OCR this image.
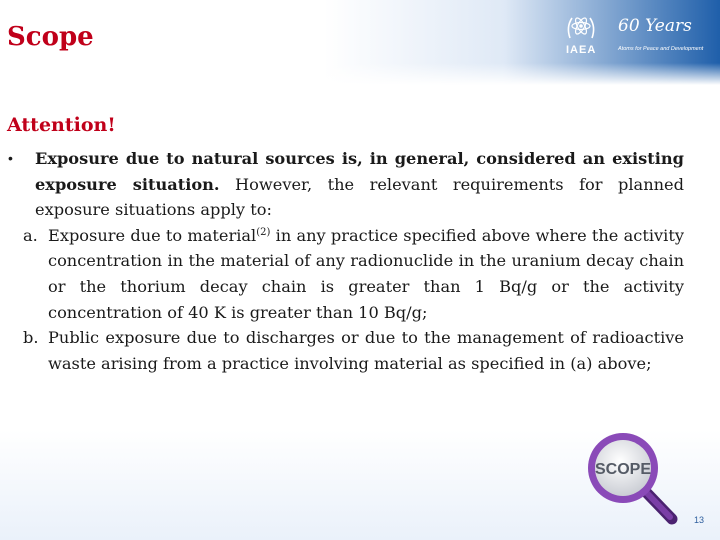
Scope	IAEA
60 Years
Atoms for Peace and Development
Attention!
•	Exposure due to natural sources is, in general, considered an existing exposure situation. However, the relevant requirements for planned exposure situations apply to:
a. Exposure due to material$^{(2)}$ in any practice specified above where the activity concentration in the material of any radionuclide in the uranium decay chain or the thorium decay chain is greater than 1 Bq/g or the activity concentration of 40 K is greater than 10 Bq/g;
b. Public exposure due to discharges or due to the management of radioactive waste arising from a practice involving material as specified in (a) above;
SCOPE
13
